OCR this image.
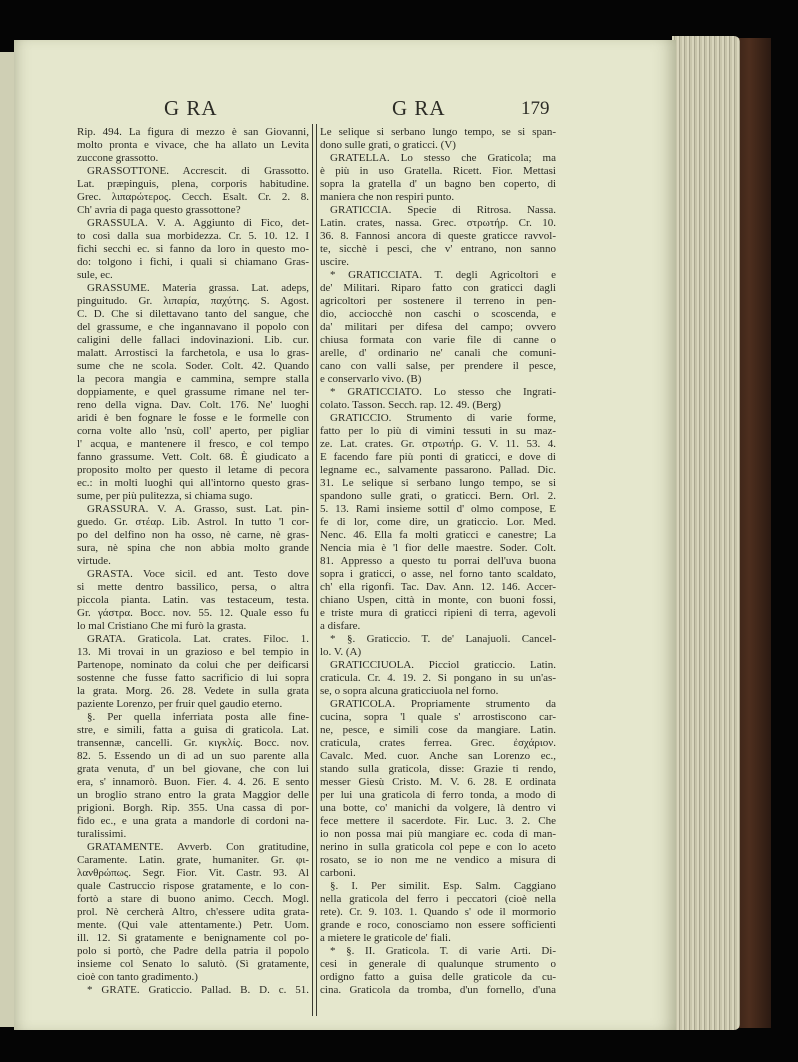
G RA	G RA	179
Rip. 494. La figura di mezzo è san Giovanni,
molto pronta e vivace, che ha allato un Levita
zuccone grassotto.
GRASSOTTONE. Accrescit. di Grassotto.
Lat. præpinguis, plena, corporis habitudine.
Grec. λιπαρώτερος. Cecch. Esalt. Cr. 2. 8.
Ch' avria di paga questo grassottone?
GRASSULA. V. A. Aggiunto di Fico, det-
to così dalla sua morbidezza. Cr. 5. 10. 12. I
fichi secchi ec. si fanno da loro in questo mo-
do: tolgono i fichi, i quali si chiamano Gras-
sule, ec.
GRASSUME. Materia grassa. Lat. adeps,
pinguitudo. Gr. λιπαρία, παχύτης. S. Agost.
C. D. Che si dilettavano tanto del sangue, che
del grassume, e che ingannavano il popolo con
caligini delle fallaci indovinazioni. Lib. cur.
malatt. Arrostisci la farchetola, e usa lo gras-
sume che ne scola. Soder. Colt. 42. Quando
la pecora mangia e cammina, sempre stalla
doppiamente, e quel grassume rimane nel ter-
reno della vigna. Dav. Colt. 176. Ne' luoghi
aridi è ben fognare le fosse e le formelle con
corna volte allo 'nsù, coll' aperto, per pigliar
l' acqua, e mantenere il fresco, e col tempo
fanno grassume. Vett. Colt. 68. È giudicato a
proposito molto per questo il letame di pecora
ec.: in molti luoghi qui all'intorno questo gras-
sume, per più pulitezza, si chiama sugo.
GRASSURA. V. A. Grasso, sust. Lat. pin-
guedo. Gr. στέαρ. Lib. Astrol. In tutto 'l cor-
po del delfino non ha osso, nè carne, nè gras-
sura, nè spina che non abbia molto grande
virtude.
GRASTA. Voce sicil. ed ant. Testo dove
si mette dentro bassilico, persa, o altra
piccola pianta. Latin. vas testaceum, testa.
Gr. γάστρα. Bocc. nov. 55. 12. Quale esso fu
lo mal Cristiano Che mi furò la grasta.
GRATA. Graticola. Lat. crates. Filoc. 1.
13. Mi trovai in un grazioso e bel tempio in
Partenope, nominato da colui che per deificarsi
sostenne che fusse fatto sacrificio di lui sopra
la grata. Morg. 26. 28. Vedete in sulla grata
paziente Lorenzo, per fruir quel gaudio eterno.
§. Per quella inferriata posta alle fine-
stre, e simili, fatta a guisa di graticola. Lat.
transennæ, cancelli. Gr. κιγκλίς. Bocc. nov.
82. 5. Essendo un dì ad un suo parente alla
grata venuta, d' un bel giovane, che con lui
era, s' innamorò. Buon. Fier. 4. 4. 26. E sento
un broglio strano entro la grata Maggior delle
prigioni. Borgh. Rip. 355. Una cassa di por-
fido ec., e una grata a mandorle di cordoni na-
turalissimi.
GRATAMENTE. Avverb. Con gratitudine,
Caramente. Latin. grate, humaniter. Gr. φι-
λανθρώπως. Segr. Fior. Vit. Castr. 93. Al
quale Castruccio rispose gratamente, e lo con-
fortò a stare di buono animo. Cecch. Mogl.
prol. Nè cercherà Altro, ch'essere udita grata-
mente. (Qui vale attentamente.) Petr. Uom.
ill. 12. Sì gratamente e benignamente col po-
polo si portò, che Padre della patria il popolo
insieme col Senato lo salutò. (Sì gratamente,
cioè con tanto gradimento.)
* GRATE. Graticcio. Pallad. B. D. c. 51.
Le selique si serbano lungo tempo, se si span-
dono sulle grati, o graticci. (V)
GRATELLA. Lo stesso che Graticola; ma
è più in uso Gratella. Ricett. Fior. Mettasi
sopra la gratella d' un bagno ben coperto, di
maniera che non respiri punto.
GRATICCIA. Specie di Ritrosa. Nassa.
Latin. crates, nassa. Grec. στρωτήρ. Cr. 10.
36. 8. Fannosi ancora di queste graticce ravvol-
te, sicchè i pesci, che v' entrano, non sanno
uscire.
* GRATICCIATA. T. degli Agricoltori e
de' Militari. Riparo fatto con graticci dagli
agricoltori per sostenere il terreno in pen-
dio, acciocchè non caschi o scoscenda, e
da' militari per difesa del campo; ovvero
chiusa formata con varie file di canne o
arelle, d' ordinario ne' canali che comuni-
cano con valli salse, per prendere il pesce,
e conservarlo vivo. (B)
* GRATICCIATO. Lo stesso che Ingrati-
colato. Tasson. Secch. rap. 12. 49. (Berg)
GRATICCIO. Strumento di varie forme,
fatto per lo più di vimini tessuti in su maz-
ze. Lat. crates. Gr. στρωτήρ. G. V. 11. 53. 4.
E facendo fare più ponti di graticci, e dove di
legname ec., salvamente passarono. Pallad. Dic.
31. Le selique si serbano lungo tempo, se si
spandono sulle grati, o graticci. Bern. Orl. 2.
5. 13. Rami insieme sottil d' olmo compose, E
fe di lor, come dire, un graticcio. Lor. Med.
Nenc. 46. Ella fa molti graticci e canestre; La
Nencia mia è 'l fior delle maestre. Soder. Colt.
81. Appresso a questo tu porrai dell'uva buona
sopra i graticci, o asse, nel forno tanto scaldato,
ch' ella rigonfi. Tac. Dav. Ann. 12. 146. Accer-
chiano Uspen, città in monte, con buoni fossi,
e triste mura di graticci ripieni di terra, agevoli
a disfare.
* §. Graticcio. T. de' Lanajuoli. Cancel-
lo. V. (A)
GRATICCIUOLA. Picciol graticcio. Latin.
craticula. Cr. 4. 19. 2. Si pongano in su un'as-
se, o sopra alcuna graticciuola nel forno.
GRATICOLA. Propriamente strumento da
cucina, sopra 'l quale s' arrostiscono car-
ne, pesce, e simili cose da mangiare. Latin.
craticula, crates ferrea. Grec. ἐσχάριον.
Cavalc. Med. cuor. Anche san Lorenzo ec.,
stando sulla graticola, disse: Grazie ti rendo,
messer Giesù Cristo. M. V. 6. 28. E ordinata
per lui una graticola di ferro tonda, a modo di
una botte, co' manichi da volgere, là dentro vi
fece mettere il sacerdote. Fir. Luc. 3. 2. Che
io non possa mai più mangiare ec. coda di man-
nerino in sulla graticola col pepe e con lo aceto
rosato, se io non me ne vendico a misura di
carboni.
§. I. Per similit. Esp. Salm. Caggiano
nella graticola del ferro i peccatori (cioè nella
rete). Cr. 9. 103. 1. Quando s' ode il mormorio
grande e roco, conosciamo non essere sofficienti
a mietere le graticole de' fiali.
* §. II. Graticola. T. di varie Arti. Di-
cesi in generale di qualunque strumento o
ordigno fatto a guisa delle graticole da cu-
cina. Graticola da tromba, d'un fornello, d'una
